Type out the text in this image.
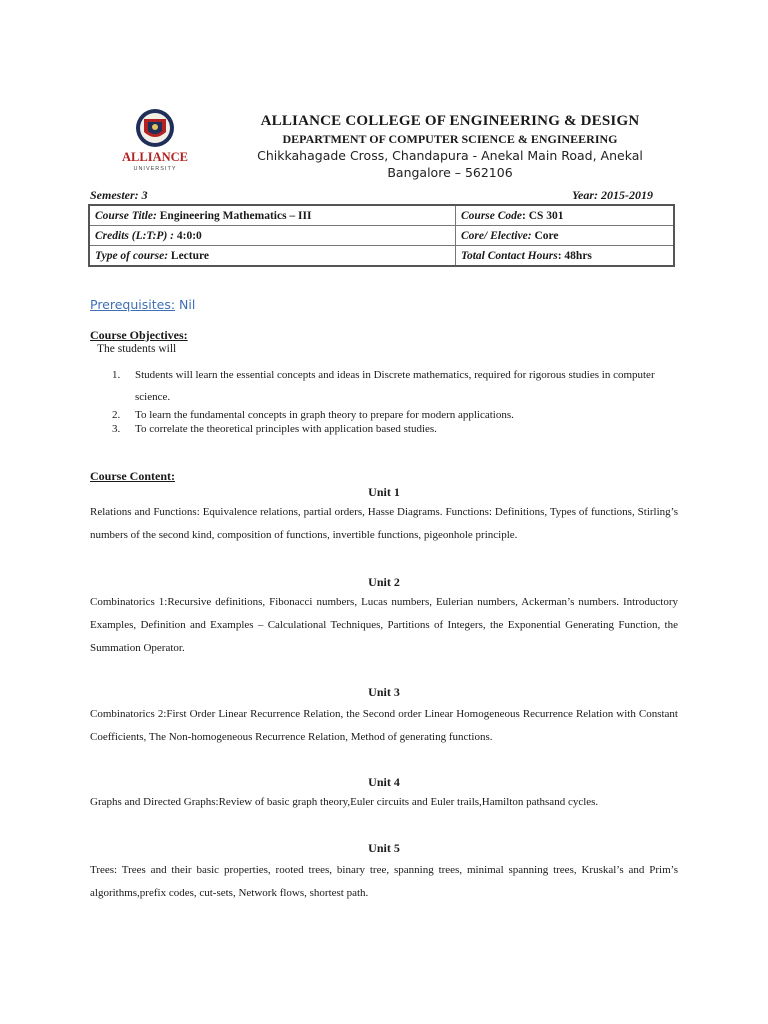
ALLIANCE
UNIVERSITY
ALLIANCE COLLEGE OF ENGINEERING & DESIGN
DEPARTMENT OF COMPUTER SCIENCE & ENGINEERING
Chikkahagade Cross, Chandapura - Anekal Main Road, Anekal
Bangalore – 562106
Semester: 3	Year: 2015-2019
Course Title: Engineering Mathematics – III	Course Code: CS 301
Credits (L:T:P) : 4:0:0	Core/ Elective: Core
Type of course: Lecture	Total Contact Hours: 48hrs
Prerequisites: Nil
Course Objectives:
The students will
1. Students will learn the essential concepts and ideas in Discrete mathematics, required for rigorous studies in computer science.
2. To learn the fundamental concepts in graph theory to prepare for modern applications.
3. To correlate the theoretical principles with application based studies.
Course Content:
Unit 1
Relations and Functions: Equivalence relations, partial orders, Hasse Diagrams. Functions: Definitions, Types of functions, Stirling’s numbers of the second kind, composition of functions, invertible functions, pigeonhole principle.
Unit 2
Combinatorics 1:Recursive definitions, Fibonacci numbers, Lucas numbers, Eulerian numbers, Ackerman’s numbers. Introductory Examples, Definition and Examples – Calculational Techniques, Partitions of Integers, the Exponential Generating Function, the Summation Operator.
Unit 3
Combinatorics 2:First Order Linear Recurrence Relation, the Second order Linear Homogeneous Recurrence Relation with Constant Coefficients, The Non-homogeneous Recurrence Relation, Method of generating functions.
Unit 4
Graphs and Directed Graphs:Review of basic graph theory,Euler circuits and Euler trails,Hamilton pathsand cycles.
Unit 5
Trees: Trees and their basic properties, rooted trees, binary tree, spanning trees, minimal spanning trees, Kruskal’s and Prim’s algorithms,prefix codes, cut-sets, Network flows, shortest path.
